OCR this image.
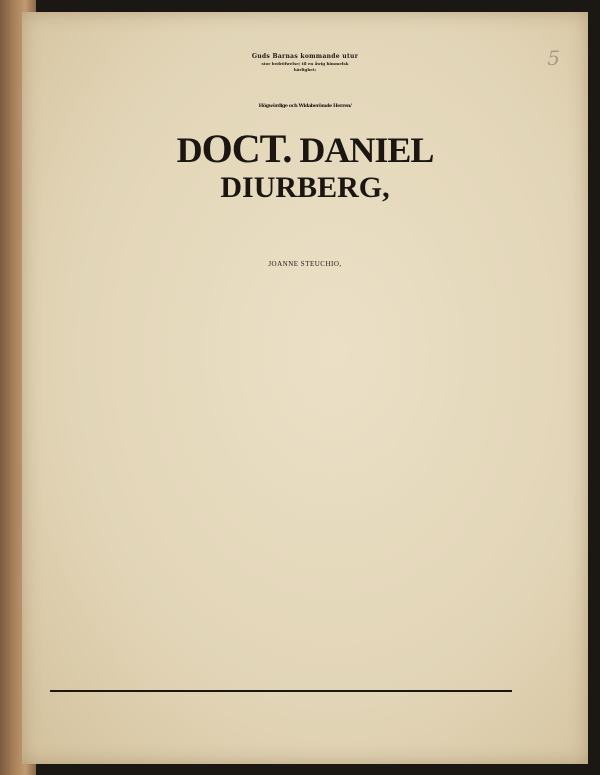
5
Guds Barnas kommande utur
stor bedröfwelse/ til en ǻwig himmelsk
härlighet;
Högwördige och Widaberömde Herren/
DOCT. DANIEL
DIURBERG,
JOANNE STEUCHIO,
